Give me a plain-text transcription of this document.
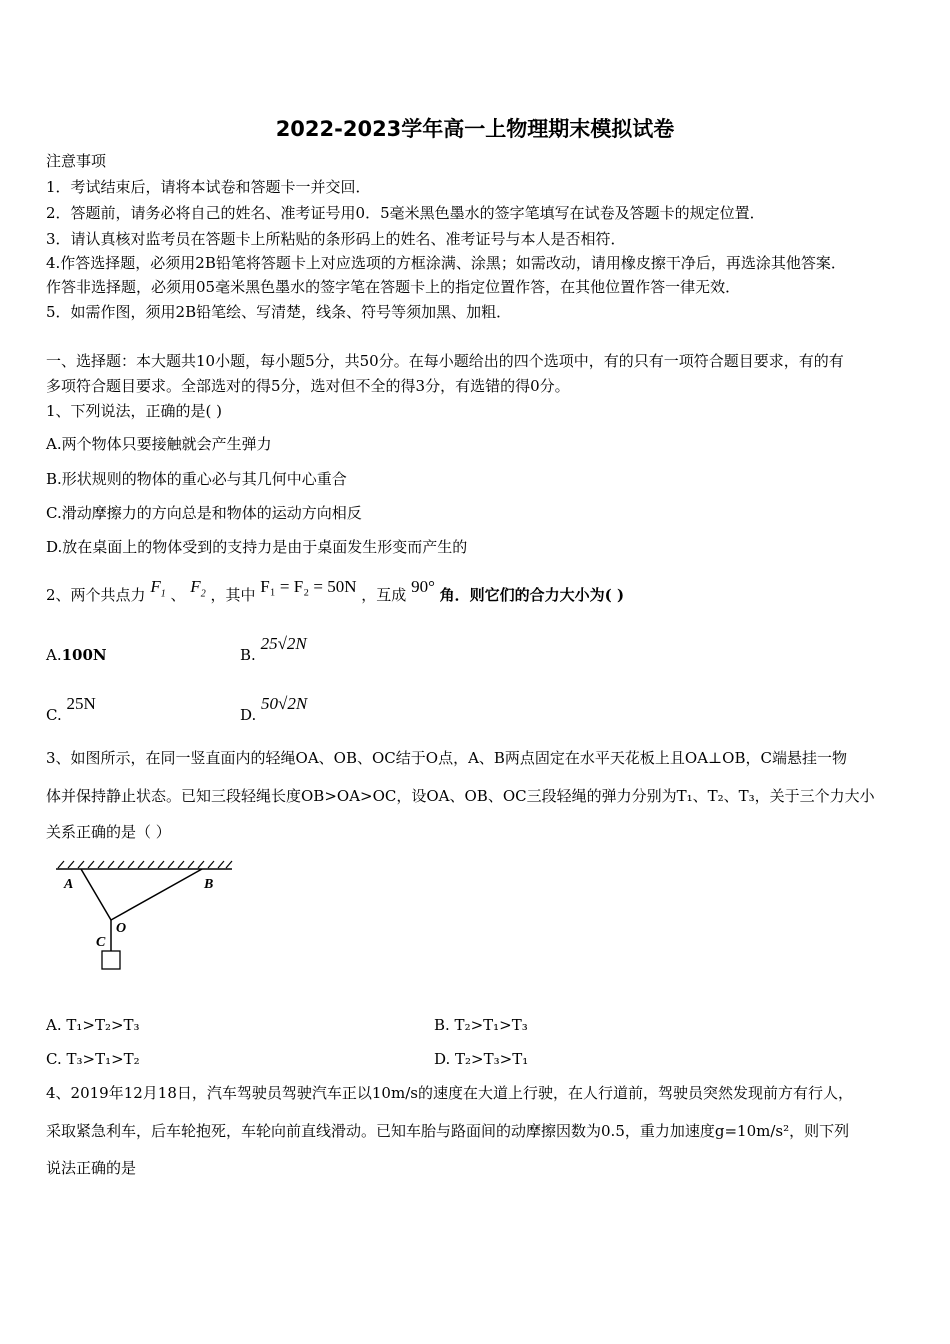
2022-2023学年高一上物理期末模拟试卷
注意事项
1．考试结束后，请将本试卷和答题卡一并交回．
2．答题前，请务必将自己的姓名、准考证号用0．5毫米黑色墨水的签字笔填写在试卷及答题卡的规定位置．
3．请认真核对监考员在答题卡上所粘贴的条形码上的姓名、准考证号与本人是否相符．
4.作答选择题，必须用2B铅笔将答题卡上对应选项的方框涂满、涂黑；如需改动，请用橡皮擦干净后，再选涂其他答案．
作答非选择题，必须用05毫米黑色墨水的签字笔在答题卡上的指定位置作答，在其他位置作答一律无效．
5．如需作图，须用2B铅笔绘、写清楚，线条、符号等须加黑、加粗．
一、选择题：本大题共10小题，每小题5分，共50分。在每小题给出的四个选项中，有的只有一项符合题目要求，有的有
多项符合题目要求。全部选对的得5分，选对但不全的得3分，有选错的得0分。
1、下列说法，正确的是( )
A.两个物体只要接触就会产生弹力
B.形状规则的物体的重心必与其几何中心重合
C.滑动摩擦力的方向总是和物体的运动方向相反
D.放在桌面上的物体受到的支持力是由于桌面发生形变而产生的
2、两个共点力 $F_1$ 、 $F_2$ ，其中 F₁ = F₂ = 50N ，互成 90° 角．则它们的合力大小为( )
A.100N	B. 25√2N
C. 25N
D. 50√2N
3、如图所示，在同一竖直面内的轻绳OA、OB、OC结于O点，A、B两点固定在水平天花板上且OA⊥OB，C端悬挂一物
体并保持静止状态。已知三段轻绳长度OB>OA>OC，设OA、OB、OC三段轻绳的弹力分别为T₁、T₂、T₃，关于三个力大小
关系正确的是（ ）
A	B
O
C
A. T₁>T₂>T₃	B. T₂>T₁>T₃
C. T₃>T₁>T₂	D. T₂>T₃>T₁
4、2019年12月18日，汽车驾驶员驾驶汽车正以10m/s的速度在大道上行驶，在人行道前，驾驶员突然发现前方有行人，
采取紧急利车，后车轮抱死，车轮向前直线滑动。已知车胎与路面间的动摩擦因数为0.5，重力加速度g=10m/s²，则下列
说法正确的是
